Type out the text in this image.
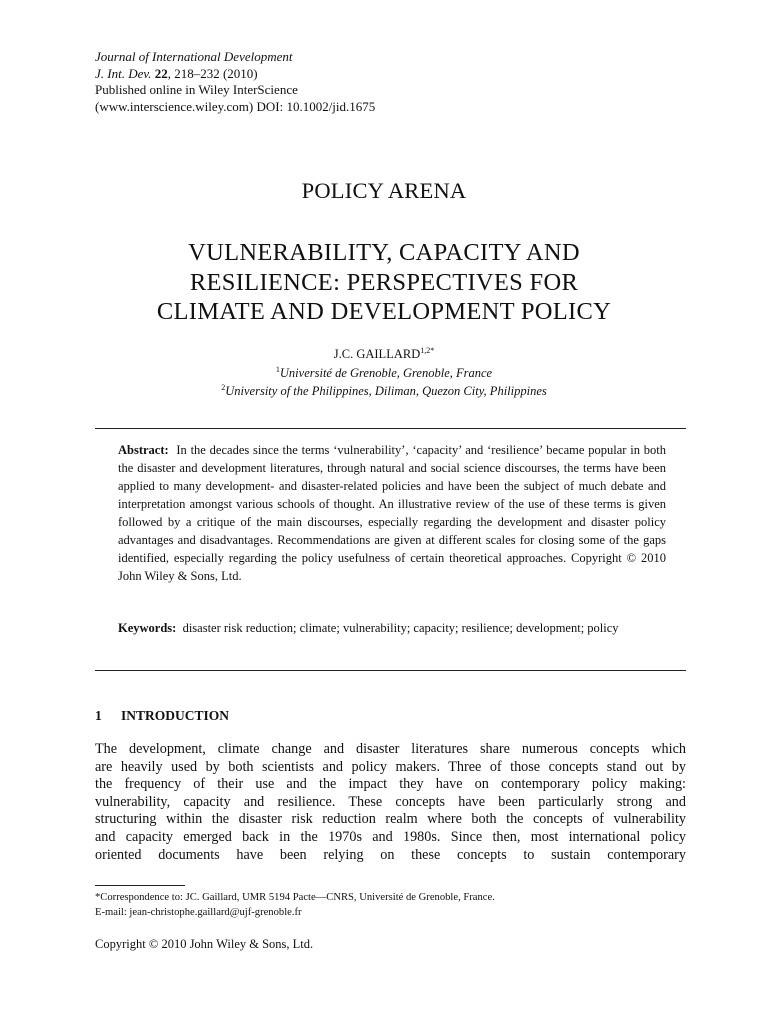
Journal of International Development
J. Int. Dev. 22, 218–232 (2010)
Published online in Wiley InterScience
(www.interscience.wiley.com) DOI: 10.1002/jid.1675
POLICY ARENA
VULNERABILITY, CAPACITY AND
RESILIENCE: PERSPECTIVES FOR
CLIMATE AND DEVELOPMENT POLICY
J.C. $GAILLARD^{1,2*}$
$^1$Université de Grenoble, Grenoble, France
$^2$University of the Philippines, Diliman, Quezon City, Philippines
Abstract: In the decades since the terms ‘vulnerability’, ‘capacity’ and ‘resilience’ became popular in both the disaster and development literatures, through natural and social science discourses, the terms have been applied to many development- and disaster-related policies and have been the subject of much debate and interpretation amongst various schools of thought. An illustrative review of the use of these terms is given followed by a critique of the main discourses, especially regarding the development and disaster policy advantages and disadvantages. Recommendations are given at different scales for closing some of the gaps identified, especially regarding the policy usefulness of certain theoretical approaches. Copyright © 2010 John Wiley & Sons, Ltd.
Keywords: disaster risk reduction; climate; vulnerability; capacity; resilience; development; policy
1 INTRODUCTION
The development, climate change and disaster literatures share numerous concepts which
are heavily used by both scientists and policy makers. Three of those concepts stand out by
the frequency of their use and the impact they have on contemporary policy making:
vulnerability, capacity and resilience. These concepts have been particularly strong and
structuring within the disaster risk reduction realm where both the concepts of vulnerability
and capacity emerged back in the 1970s and 1980s. Since then, most international policy
oriented documents have been relying on these concepts to sustain contemporary
*Correspondence to: JC. Gaillard, UMR 5194 Pacte—CNRS, Université de Grenoble, France.
E-mail: jean-christophe.gaillard@ujf-grenoble.fr
Copyright © 2010 John Wiley & Sons, Ltd.
